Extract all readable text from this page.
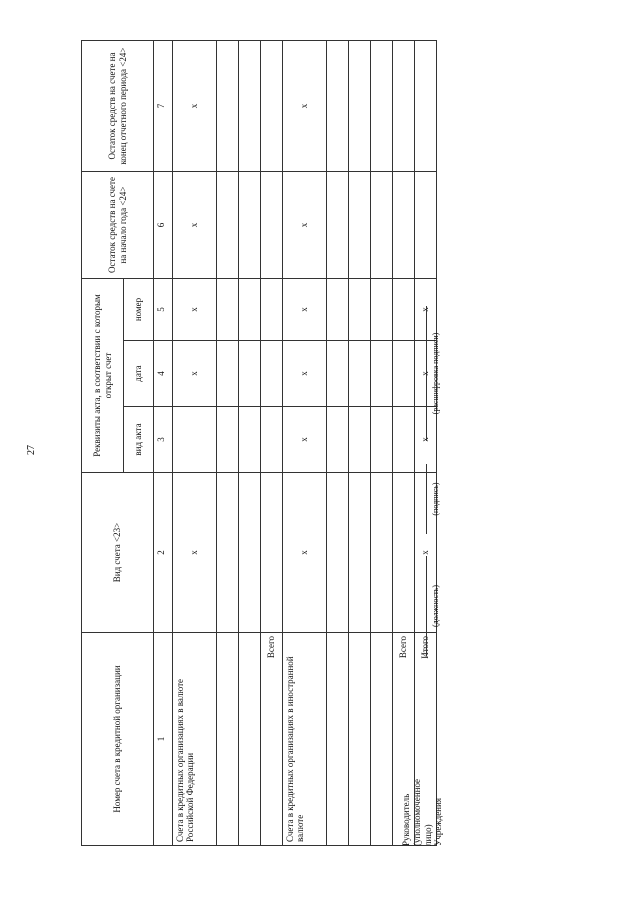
27
Номер счета в кредитной организации	Вид счета <23>	Реквизиты акта, в соответствии с которым открыт счет			Остаток средств на счете на начало года <24>	Остаток средств на счете на конец отчетного периода <24>
		вид акта	дата	номер		
1	2	3	4	5	6	7
Счета в кредитных организациях в валюте Российской Федерации	x		x	x	x	x

Всего						
Счета в кредитных организациях в иностранной валюте	x	x	x	x	x	x

Всего						
Итого	x	x	x	x		
Руководитель (уполномоченное лицо) Учреждения
(должность)
(подпись)
(расшифровка подписи)
